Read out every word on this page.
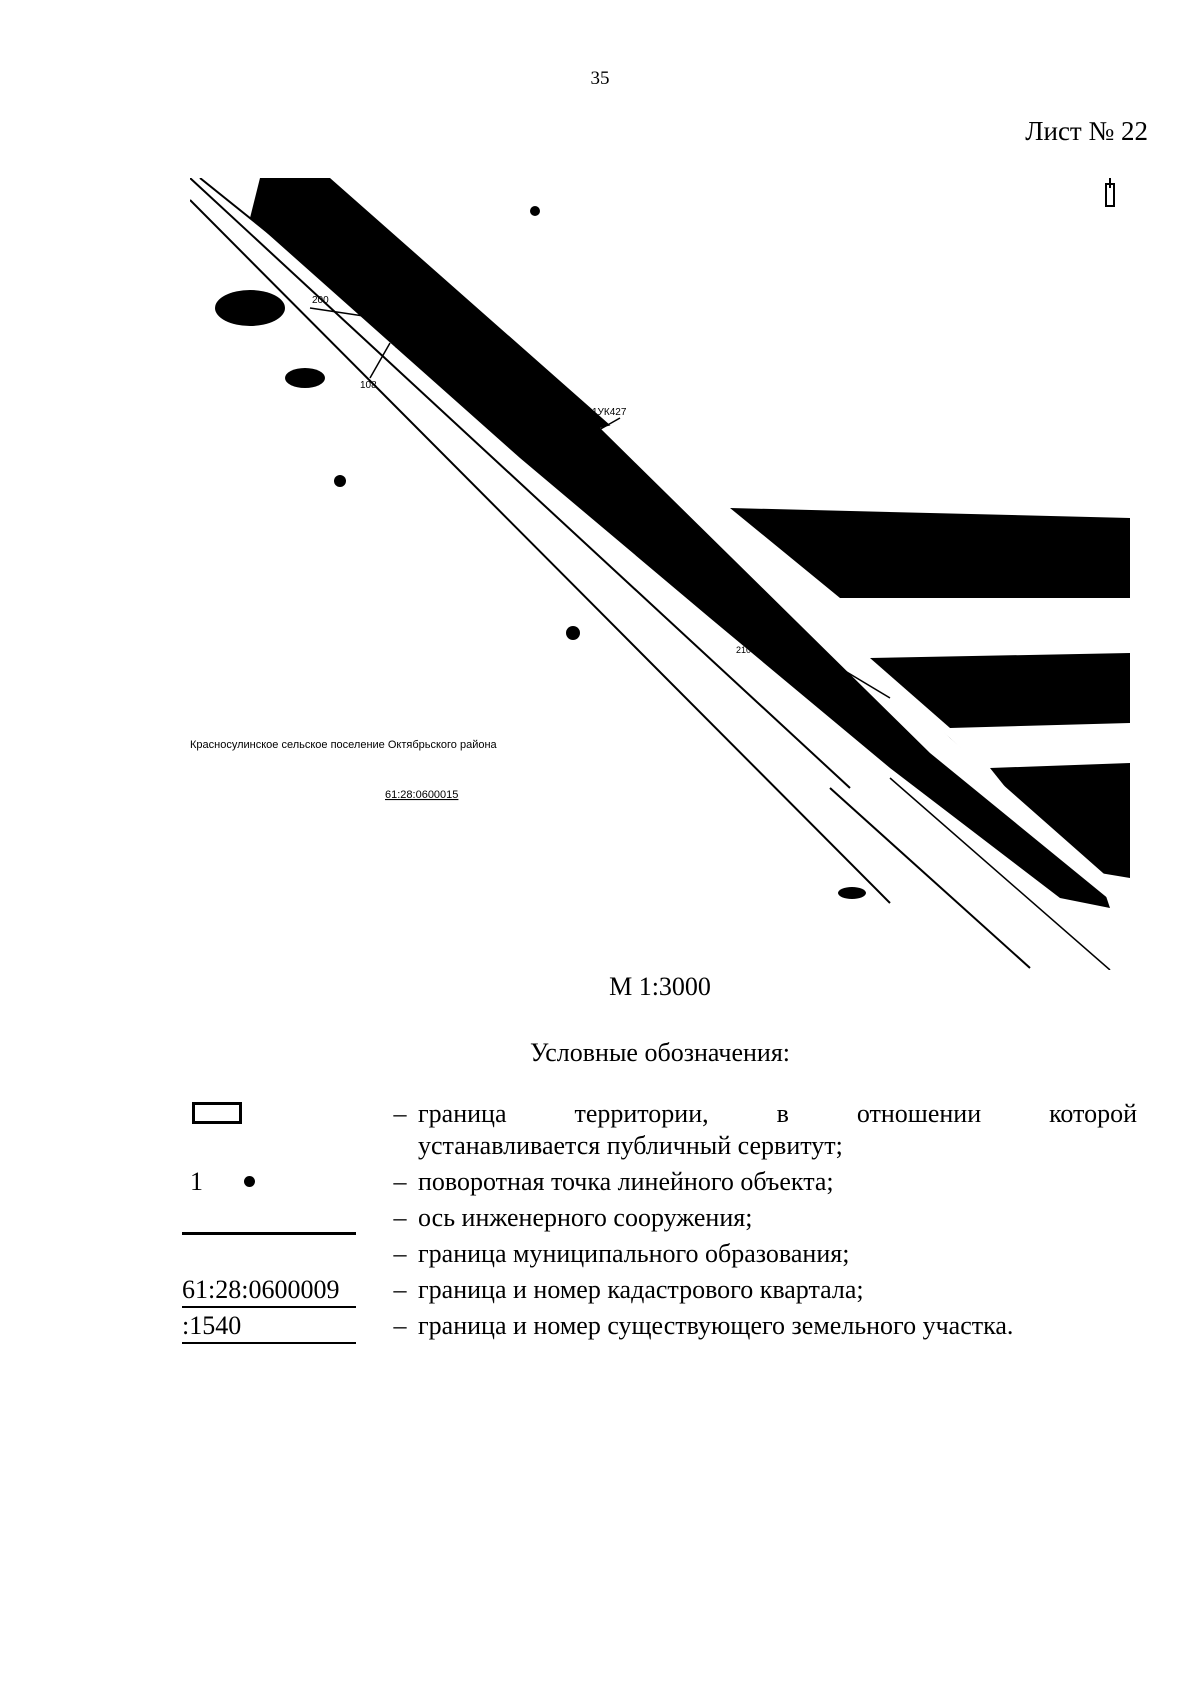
35
Лист № 22
200
199
108
1УК427
210
Красносулинское сельское поселение Октябрьского района
61:28:0600015
М 1:3000
Условные обозначения:
– граница территории, в отношении которой
устанавливается публичный сервитут;
1	– поворотная точка линейного объекта;
– ось инженерного сооружения;
– граница муниципального образования;
61:28:0600009	– граница и номер кадастрового квартала;
:1540	– граница и номер существующего земельного участка.
